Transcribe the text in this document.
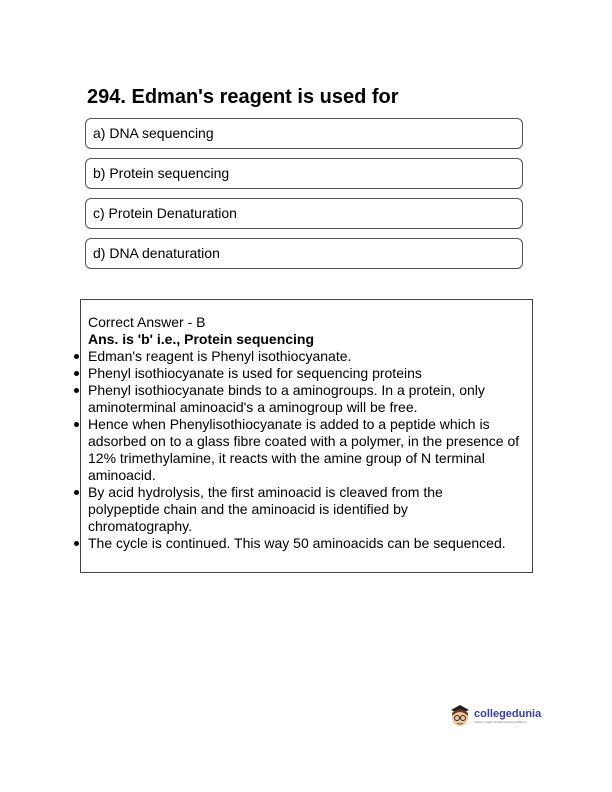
294. Edman's reagent is used for
a) DNA sequencing
b) Protein sequencing
c) Protein Denaturation
d) DNA denaturation
Correct Answer - B
Ans. is 'b' i.e., Protein sequencing
Edman's reagent is Phenyl isothiocyanate.
Phenyl isothiocyanate is used for sequencing proteins
Phenyl isothiocyanate binds to a aminogroups. In a protein, only aminoterminal aminoacid's a aminogroup will be free.
Hence when Phenylisothiocyanate is added to a peptide which is adsorbed on to a glass fibre coated with a polymer, in the presence of 12% trimethylamine, it reacts with the amine group of N terminal aminoacid.
By acid hydrolysis, the first aminoacid is cleaved from the polypeptide chain and the aminoacid is identified by chromatography.
The cycle is continued. This way 50 aminoacids can be sequenced.
collegedunia
India's Largest Student Review Platform
